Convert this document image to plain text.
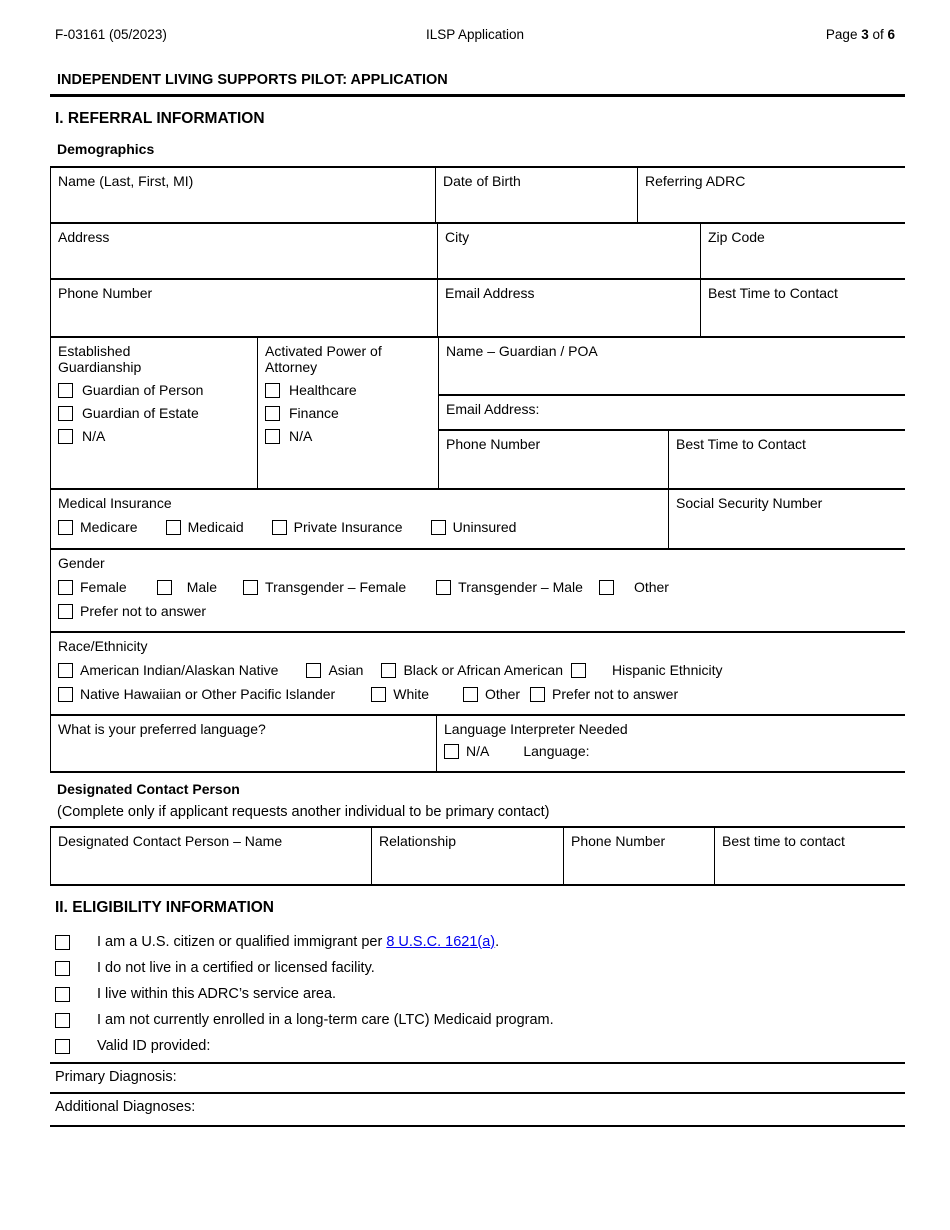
F-03161 (05/2023)	ILSP Application	Page 3 of 6
INDEPENDENT LIVING SUPPORTS PILOT: APPLICATION
I. REFERRAL INFORMATION
Demographics
Name (Last, First, MI)	Date of Birth	Referring ADRC
Address	City	Zip Code
Phone Number	Email Address	Best Time to Contact
Established Guardianship
Guardian of Person
Guardian of Estate
N/A
Activated Power of Attorney
Healthcare
Finance
N/A
Name – Guardian / POA
Email Address:
Phone Number	Best Time to Contact
Medical Insurance
Medicare	Medicaid	Private Insurance	Uninsured
Social Security Number
Gender
Female	Male	Transgender – Female	Transgender – Male	Other
Prefer not to answer
Race/Ethnicity
American Indian/Alaskan Native	Asian	Black or African American	Hispanic Ethnicity
Native Hawaiian or Other Pacific Islander	White	Other Prefer not to answer
What is your preferred language?	Language Interpreter Needed
N/A Language:
Designated Contact Person
(Complete only if applicant requests another individual to be primary contact)
Designated Contact Person – Name	Relationship	Phone Number	Best time to contact
II. ELIGIBILITY INFORMATION
I am a U.S. citizen or qualified immigrant per 8 U.S.C. 1621(a).
I do not live in a certified or licensed facility.
I live within this ADRC’s service area.
I am not currently enrolled in a long-term care (LTC) Medicaid program.
Valid ID provided:
Primary Diagnosis:
Additional Diagnoses:
